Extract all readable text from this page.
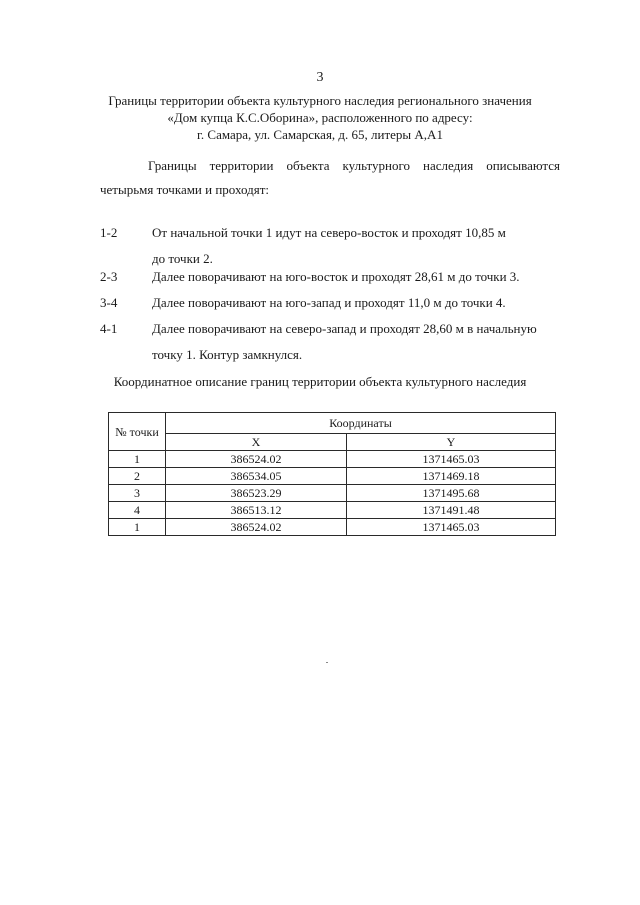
3
Границы территории объекта культурного наследия регионального значения
«Дом купца К.С.Оборина», расположенного по адресу:
г. Самара, ул. Самарская, д. 65, литеры А,А1
Границы территории объекта культурного наследия описываются
четырьмя точками и проходят:
1-2	От начальной точки 1 идут на северо-восток и проходят 10,85 м
до точки 2.
2-3	Далее поворачивают на юго-восток и проходят 28,61 м до точки 3.
3-4	Далее поворачивают на юго-запад и проходят 11,0 м до точки 4.
4-1	Далее поворачивают на северо-запад и проходят 28,60 м в начальную
точку 1. Контур замкнулся.
Координатное описание границ территории объекта культурного наследия
№ точки	Координаты	
	X	Y
1	386524.02	1371465.03
2	386534.05	1371469.18
3	386523.29	1371495.68
4	386513.12	1371491.48
1	386524.02	1371465.03
